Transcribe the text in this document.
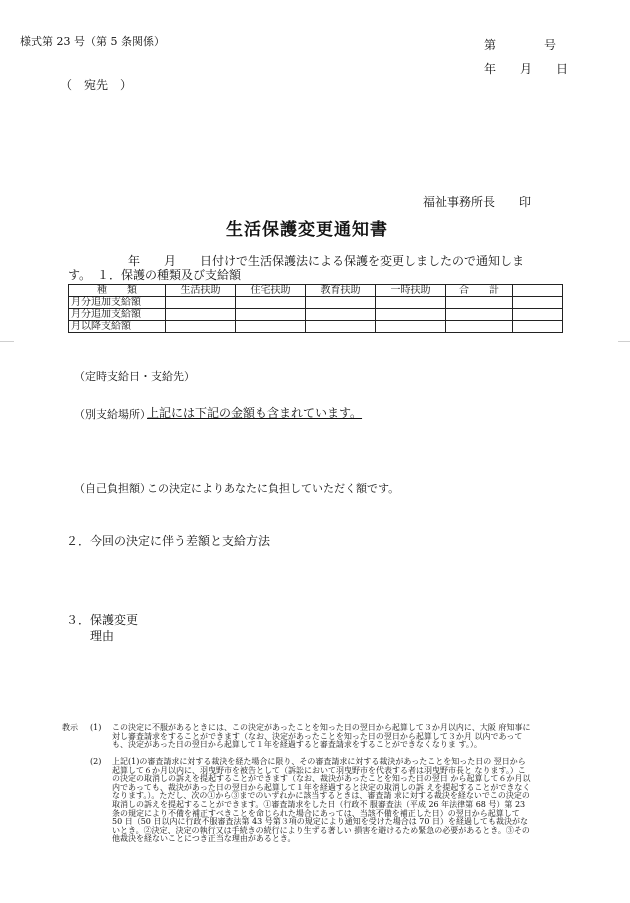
様式第 23 号（第 5 条関係）	第　　　　号
年　　月　　日
（　宛先　）
福祉事務所長　　印
生活保護変更通知書
年　　月　　日付けで生活保護法による保護を変更しましたので通知しま
す。　１．保護の種類及び支給額
種　　類	生活扶助	住宅扶助	教育扶助	一時扶助	合　　計	
月分追加支給額						
月分追加支給額						
月以降支給額						
（定時支給日・支給先）
（別支給場所）
上記には下記の金額も含まれています。
（自己負担額）
この決定によりあなたに負担していただく額です。
２．今回の決定に伴う差額と支給方法
３．保護変更
理由
教示 (1) この決定に不服があるときには、この決定があったことを知った日の翌日から起算して３か月以内に、大阪 府知事に対し審査請求をすることができます（なお、決定があったことを知った日の翌日から起算して３か月 以内であっても、決定があった日の翌日から起算して１年を経過すると審査請求をすることができなくなりま す。）。
(2) 上記(1)の審査請求に対する裁決を経た場合に限り、その審査請求に対する裁決があったことを知った日の 翌日から起算して６か月以内に、羽曳野市を被告として（訴訟において羽曳野市を代表する者は羽曳野市長と なります。）この決定の取消しの訴えを提起することができます（なお、裁決があったことを知った日の翌日 から起算して６か月以内であっても、裁決があった日の翌日から起算して１年を経過すると決定の取消しの訴 えを提起することができなくなります。）。ただし、次の①から③までのいずれかに該当するときは、審査請 求に対する裁決を経ないでこの決定の取消しの訴えを提起することができます。①審査請求をした日（行政不 服審査法（平成 26 年法律第 68 号）第 23 条の規定により不備を補正すべきことを命じられた場合にあっては、当該不備を補正した日）の翌日から起算して 50 日（50 日以内に行政不服審査法第 43 号第３項の規定により通知を受けた場合は 70 日）を経過しても裁決がないとき。②決定、決定の執行又は手続きの続行により生ずる著しい 損害を避けるため緊急の必要があるとき。③その他裁決を経ないことにつき正当な理由があるとき。
